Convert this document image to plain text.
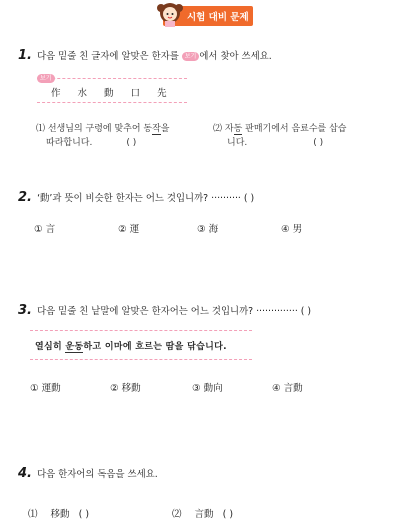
시험 대비 문제
1. 다음 밑줄 친 글자에 알맞은 한자를 보기 에서 찾아 쓰세요.
보기
作 水 動 口 先
⑴ 선생님의 구령에 맞추어 동작을
따라합니다.	( )
⑵ 자동 판매기에서 음료수를 삽습
니다.	( )
2. ‘動’과 뜻이 비슷한 한자는 어느 것입니까? ·········· ( )
① 言	② 運	③ 海	④ 男
3. 다음 밑줄 친 낱말에 알맞은 한자어는 어느 것입니까? ·············· ( )
열심히 운동하고 이마에 흐르는 땀을 닦습니다.
① 運動	② 移動	③ 動向	④ 言動
4. 다음 한자어의 독음을 쓰세요.
⑴ 移動 ( )	⑵ 言動 ( )
